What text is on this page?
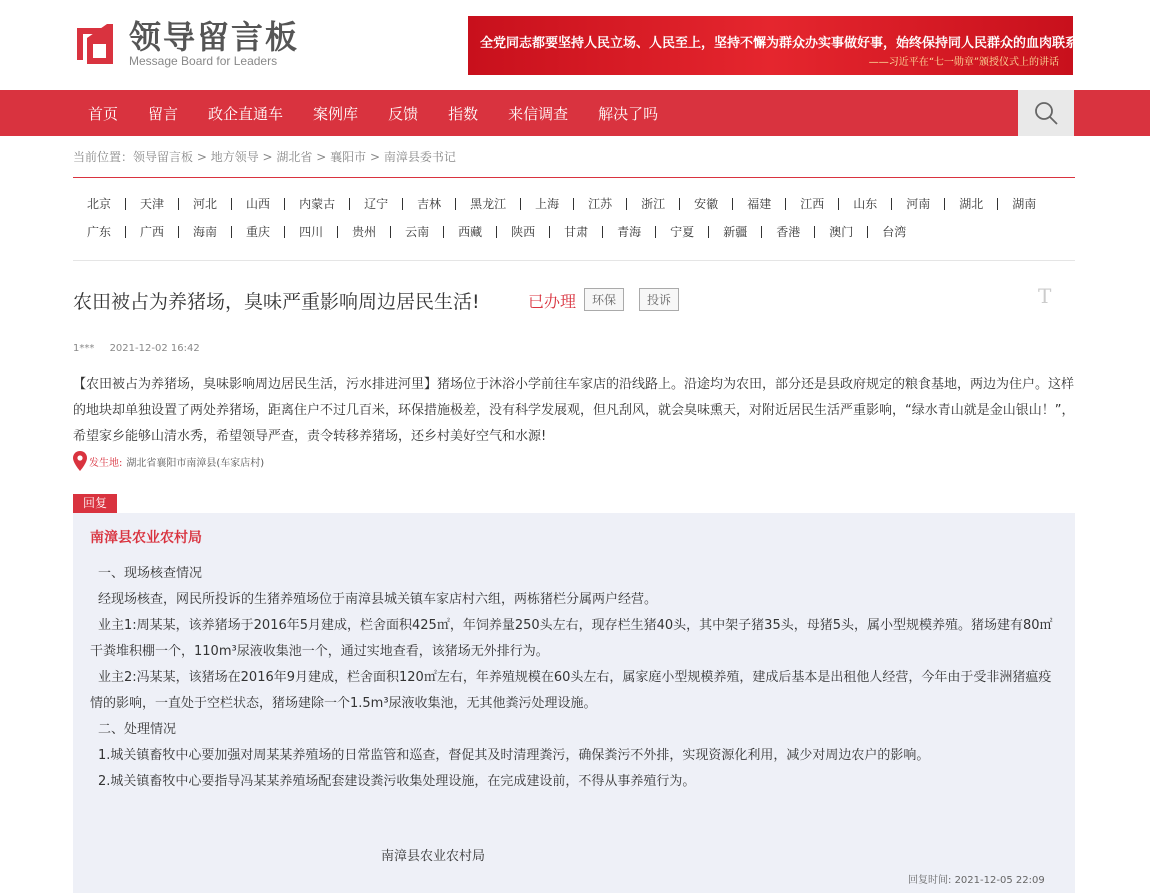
领导留言板
Message Board for Leaders
全党同志都要坚持人民立场、人民至上，坚持不懈为群众办实事做好事，始终保持同人民群众的血肉联系。
——习近平在“七一勋章”颁授仪式上的讲话
首页	留言	政企直通车	案例库	反馈	指数	来信调查	解决了吗
当前位置：领导留言板 > 地方领导 > 湖北省 > 襄阳市 > 南漳县委书记
北京	天津	河北	山西	内蒙古	辽宁	吉林	黑龙江	上海	江苏	浙江	安徽	福建	江西	山东	河南	湖北	湖南
广东	广西	海南	重庆	四川	贵州	云南	西藏	陕西	甘肃	青海	宁夏	新疆	香港	澳门	台湾
农田被占为养猪场，臭味严重影响周边居民生活!	已办理	环保	投诉	T
1*** 2021-12-02 16:42
【农田被占为养猪场，臭味影响周边居民生活，污水排进河里】猪场位于沐浴小学前往车家店的沿线路上。沿途均为农田，部分还是县政府规定的粮食基地，两边为住户。这样的地块却单独设置了两处养猪场，距离住户不过几百米，环保措施极差，没有科学发展观，但凡刮风，就会臭味熏天，对附近居民生活严重影响，“绿水青山就是金山银山！”，希望家乡能够山清水秀，希望领导严查，责令转移养猪场，还乡村美好空气和水源!
发生地: 湖北省襄阳市南漳县(车家店村)
回复
南漳县农业农村局

一、现场核查情况

经现场核查，网民所投诉的生猪养殖场位于南漳县城关镇车家店村六组，两栋猪栏分属两户经营。

业主1:周某某，该养猪场于2016年5月建成，栏舍面积425㎡，年饲养量250头左右，现存栏生猪40头，其中架子猪35头，母猪5头，属小型规模养殖。猪场建有80㎡干粪堆积棚一个，110m³尿液收集池一个，通过实地查看，该猪场无外排行为。

业主2:冯某某，该猪场在2016年9月建成，栏舍面积120㎡左右，年养殖规模在60头左右，属家庭小型规模养殖，建成后基本是出租他人经营，今年由于受非洲猪瘟疫情的影响，一直处于空栏状态，猪场建除一个1.5m³尿液收集池，无其他粪污处理设施。

二、处理情况

1.城关镇畜牧中心要加强对周某某养殖场的日常监管和巡查，督促其及时清理粪污，确保粪污不外排，实现资源化利用，减少对周边农户的影响。

2.城关镇畜牧中心要指导冯某某养殖场配套建设粪污收集处理设施，在完成建设前，不得从事养殖行为。

南漳县农业农村局
回复时间: 2021-12-05 22:09
